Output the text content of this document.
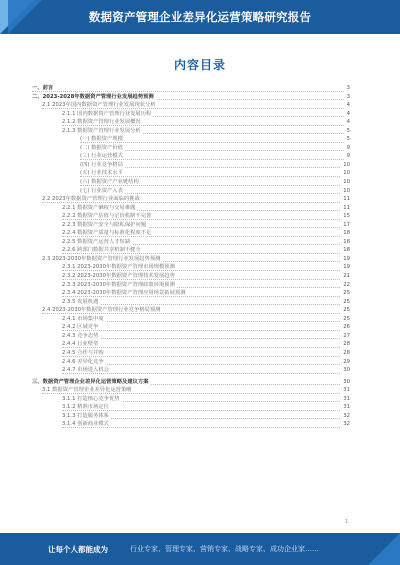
数据资产管理企业差异化运营策略研究报告
内容目录
一、前言	3
二、2023-2028年数据资产管理行业发展趋势预测	3
2.1 2023年国内数据资产管理行业发展现状分析	4
2.1.1 国内数据资产管理行业发展历程	4
2.1.2 数据资产管理行业发展概况	4
2.1.3 数据资产管理行业发展分析	5
(一) 数据资产规模	5
(二) 数据资产价值	9
(三) 行业运营模式	9
(四) 行业竞争格局	10
(五) 行业技术水平	10
(六) 数据资产产业链结构	10
(七) 行业资产入表	10
2.2 2023年数据资产管理行业面临的挑战	11
2.2.1 数据资产确权与交易难题	11
2.2.2 数据资产估值与定价机制不完善	15
2.2.3 数据资产安全与隐私保护问题	17
2.2.4 数据资产质量与标准化程度不足	18
2.2.5 数据资产运营人才短缺	18
2.2.6 跨部门数据共享机制不健全	18
2.3 2023-2030年数据资产管理行业发展趋势预测	19
2.3.1 2023-2030年数据资产管理市场规模预测	19
2.3.2 2023-2030年数据资产管理技术发展趋势	21
2.3.3 2023-2030年数据资产管理政策环境预测	22
2.3.4 2023-2030年数据资产管理应用场景拓展预测	25
2.3.5 发展机遇	25
2.4 2023-2030年数据资产管理行业竞争格局预测	25
2.4.1 市场集中度	25
2.4.2 区域竞争	26
2.4.3 竞争态势	27
2.4.4 行业壁垒	28
2.4.5 合作与并购	28
2.4.6 差异化竞争	29
2.4.7 市场进入机会	30
三、数据资产管理企业差异化运营策略及建议方案	30
3.1 数据资产管理企业差异化运营策略	31
3.1.1 打造核心竞争优势	31
3.1.2 精准市场定位	31
3.1.3 打造服务体系	32
3.1.4 创新商业模式	32
1
让每个人都能成为	行业专家、管理专家、营销专家、战略专家、成功企业家……
